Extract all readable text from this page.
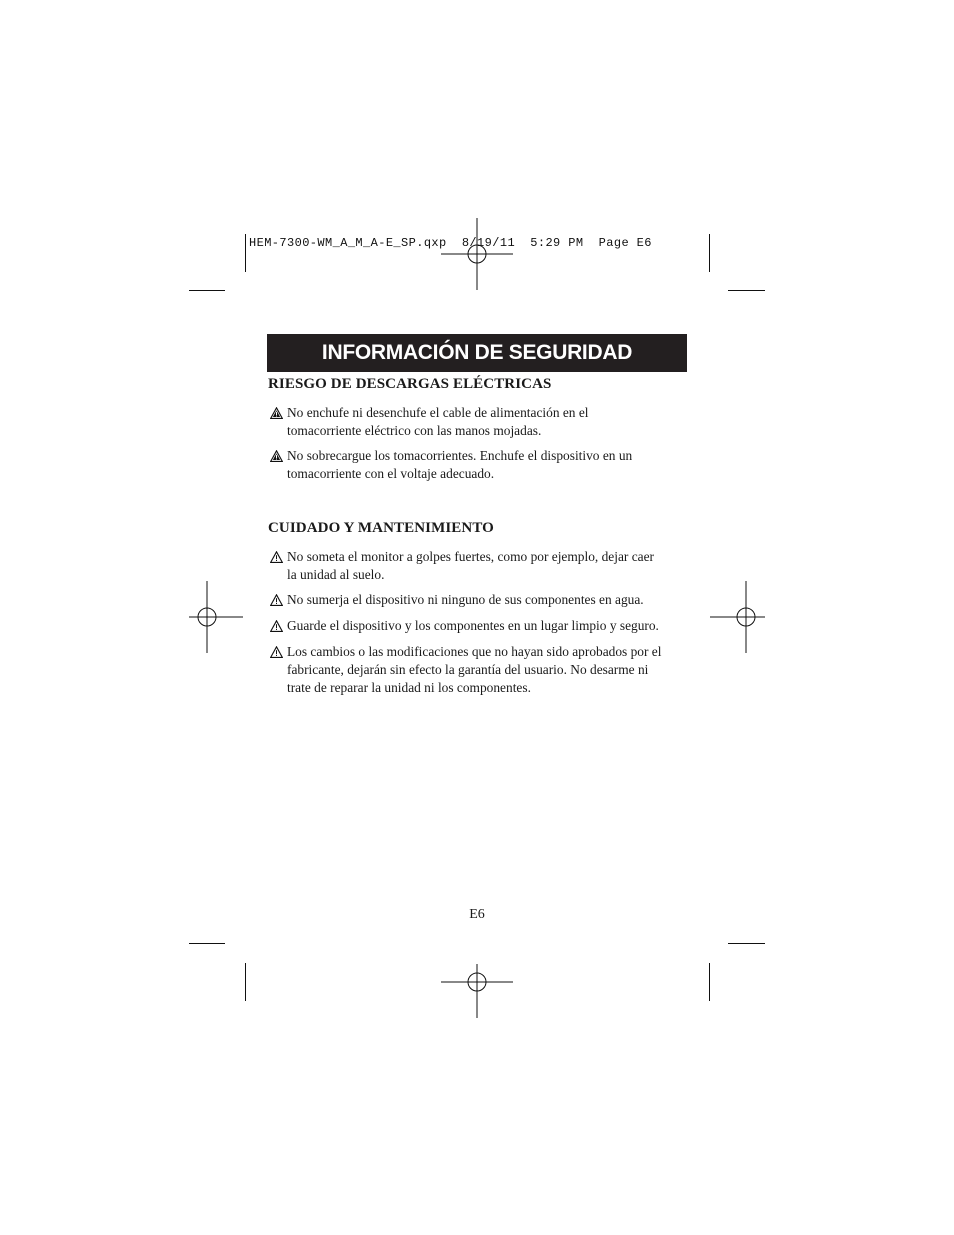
HEM-7300-WM_A_M_A-E_SP.qxp  8/19/11  5:29 PM  Page E6
INFORMACIÓN DE SEGURIDAD
RIESGO DE DESCARGAS ELÉCTRICAS
No enchufe ni desenchufe el cable de alimentación en el
tomacorriente eléctrico con las manos mojadas.
No sobrecargue los tomacorrientes. Enchufe el dispositivo en un
tomacorriente con el voltaje adecuado.
CUIDADO Y MANTENIMIENTO
No someta el monitor a golpes fuertes, como por ejemplo, dejar caer
la unidad al suelo.
No sumerja el dispositivo ni ninguno de sus componentes en agua.
Guarde el dispositivo y los componentes en un lugar limpio y seguro.
Los cambios o las modificaciones que no hayan sido aprobados por el
fabricante, dejarán sin efecto la garantía del usuario. No desarme ni
trate de reparar la unidad ni los componentes.
E6
